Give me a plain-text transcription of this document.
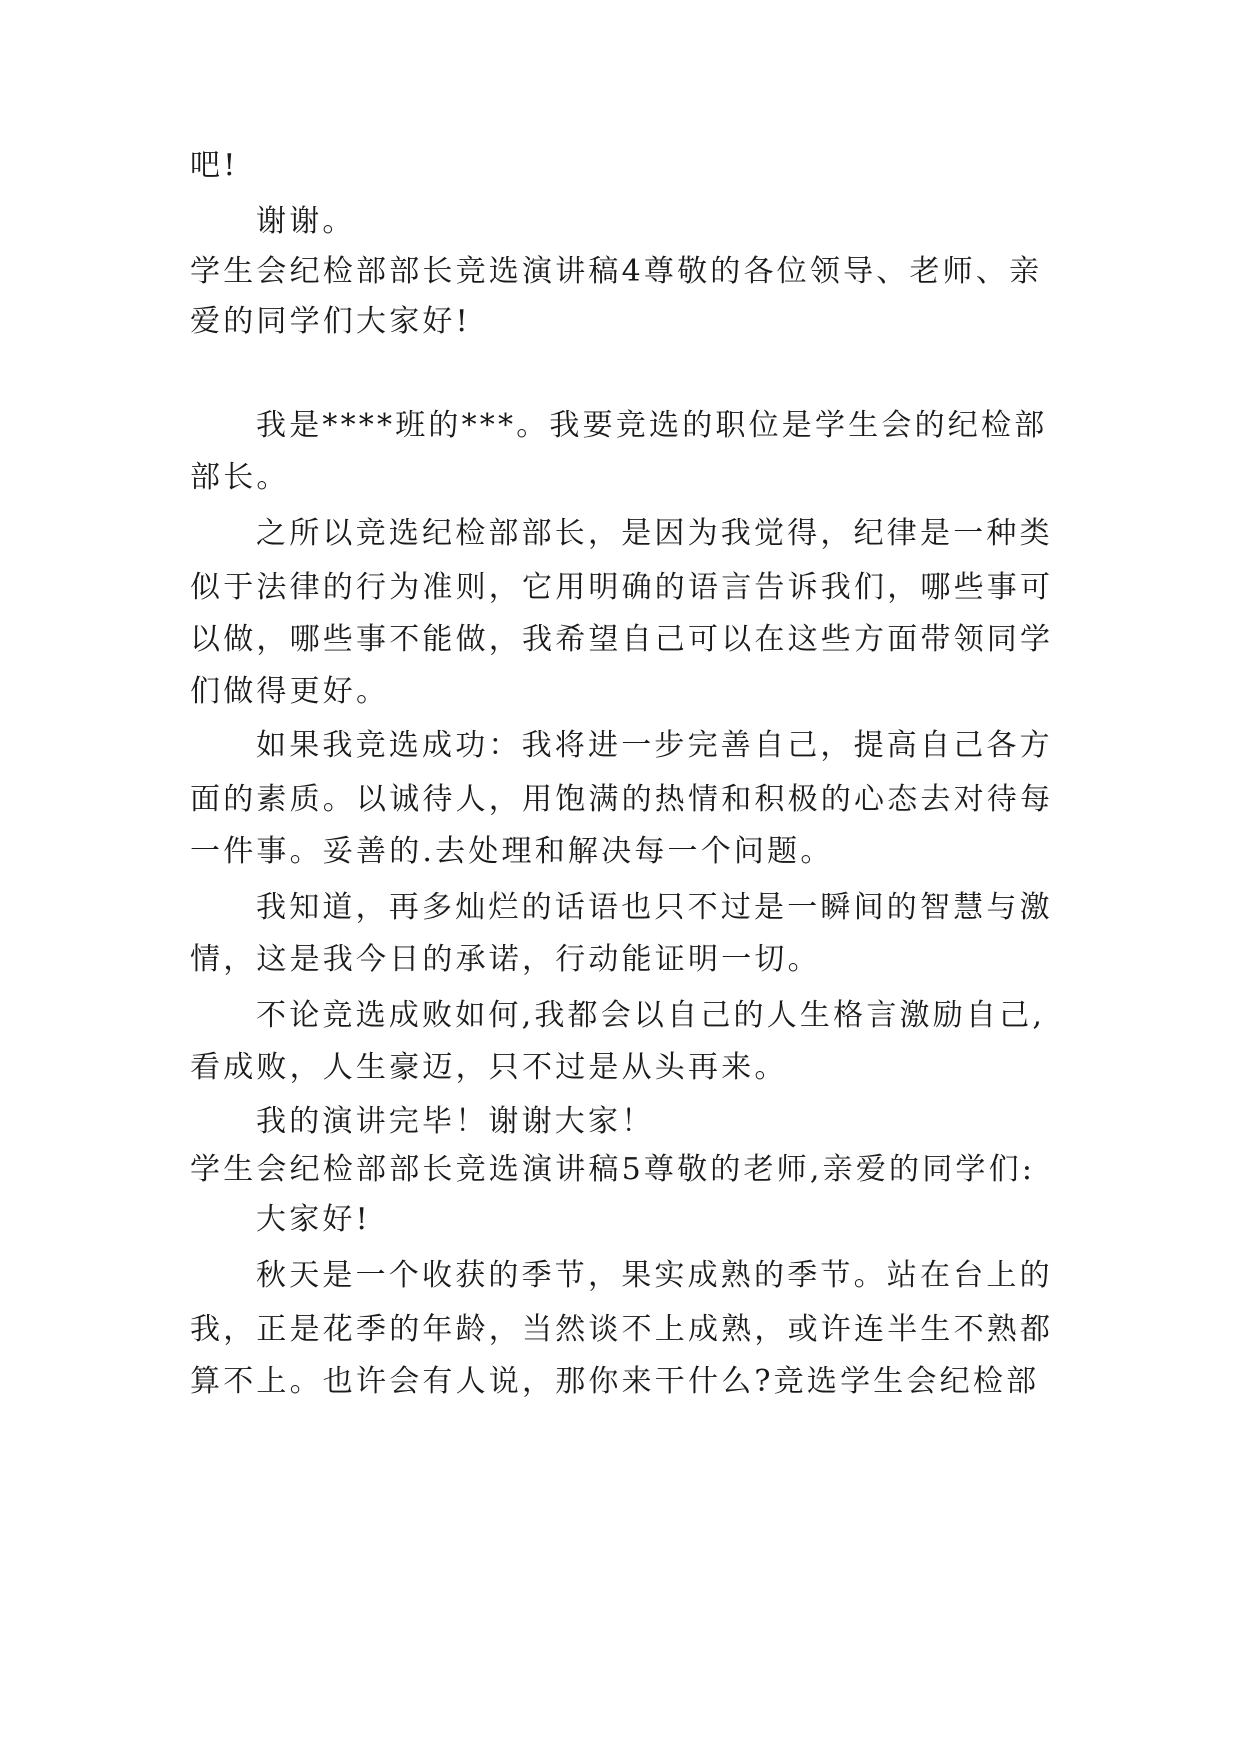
吧!
谢谢。
学生会纪检部部长竞选演讲稿4尊敬的各位领导、老师、亲
爱的同学们大家好!
我是****班的***。我要竞选的职位是学生会的纪检部
部长。
之所以竞选纪检部部长，是因为我觉得，纪律是一种类
似于法律的行为准则，它用明确的语言告诉我们，哪些事可
以做，哪些事不能做，我希望自己可以在这些方面带领同学
们做得更好。
如果我竞选成功：我将进一步完善自己，提高自己各方
面的素质。以诚待人，用饱满的热情和积极的心态去对待每
一件事。妥善的.去处理和解决每一个问题。
我知道，再多灿烂的话语也只不过是一瞬间的智慧与激
情，这是我今日的承诺，行动能证明一切。
不论竞选成败如何,我都会以自己的人生格言激励自己,
看成败，人生豪迈，只不过是从头再来。
我的演讲完毕！谢谢大家！
学生会纪检部部长竞选演讲稿5尊敬的老师,亲爱的同学们:
大家好!
秋天是一个收获的季节，果实成熟的季节。站在台上的
我，正是花季的年龄，当然谈不上成熟，或许连半生不熟都
算不上。也许会有人说，那你来干什么?竞选学生会纪检部
